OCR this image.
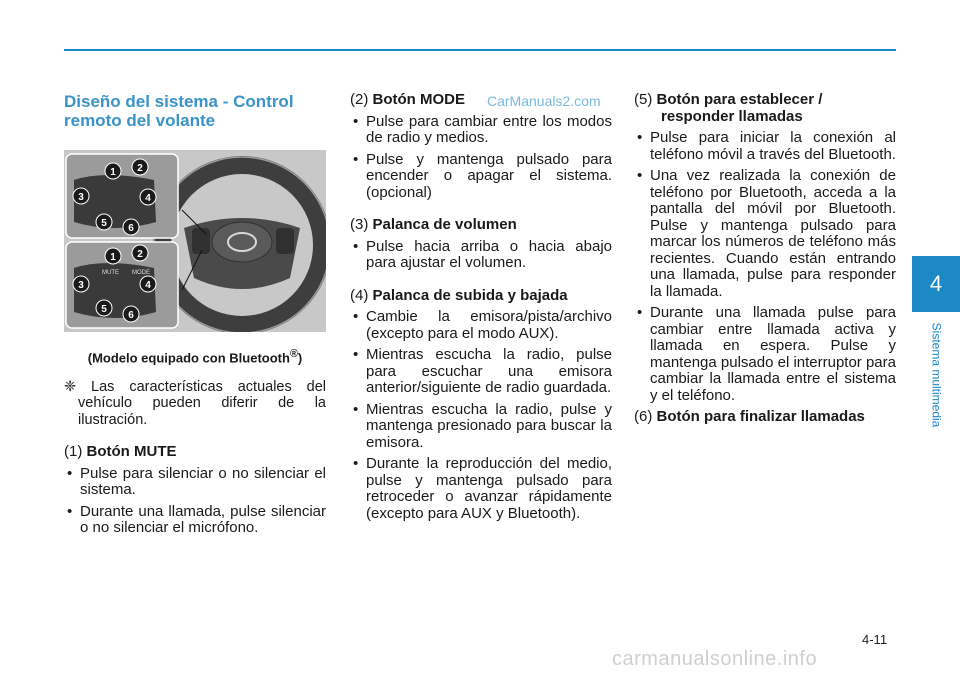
4
Sistema multimedia
CarManuals2.com
Diseño del sistema - Control remoto del volante
MUTE MODE
1 2
3	4
5 6
1 2
3	4
5
6
(Modelo equipado con Bluetooth®)
❈ Las características actuales del vehículo pueden diferir de la ilustración.
(1) Botón MUTE
• Pulse para silenciar o no silenciar el sistema.
• Durante una llamada, pulse silenciar o no silenciar el micrófono.
(2) Botón MODE
• Pulse para cambiar entre los modos de radio y medios.
• Pulse y mantenga pulsado para encender o apagar el sistema. (opcional)
(3) Palanca de volumen
• Pulse hacia arriba o hacia abajo para ajustar el volumen.
(4) Palanca de subida y bajada
• Cambie la emisora/pista/archivo (excepto para el modo AUX).
• Mientras escucha la radio, pulse para escuchar una emisora anterior/siguiente de radio guardada.
• Mientras escucha la radio, pulse y mantenga presionado para buscar la emisora.
• Durante la reproducción del medio, pulse y mantenga pulsado para retroceder o avanzar rápidamente (excepto para AUX y Bluetooth).
(5) Botón para establecer / responder llamadas
• Pulse para iniciar la conexión al teléfono móvil a través del Bluetooth.
• Una vez realizada la conexión de teléfono por Bluetooth, acceda a la pantalla del móvil por Bluetooth. Pulse y mantenga pulsado para marcar los números de teléfono más recientes. Cuando están entrando una llamada, pulse para responder la llamada.
• Durante una llamada pulse para cambiar entre llamada activa y llamada en espera. Pulse y mantenga pulsado el interruptor para cambiar la llamada entre el sistema y el teléfono.
(6) Botón para finalizar llamadas
4-11
carmanualsonline.info
